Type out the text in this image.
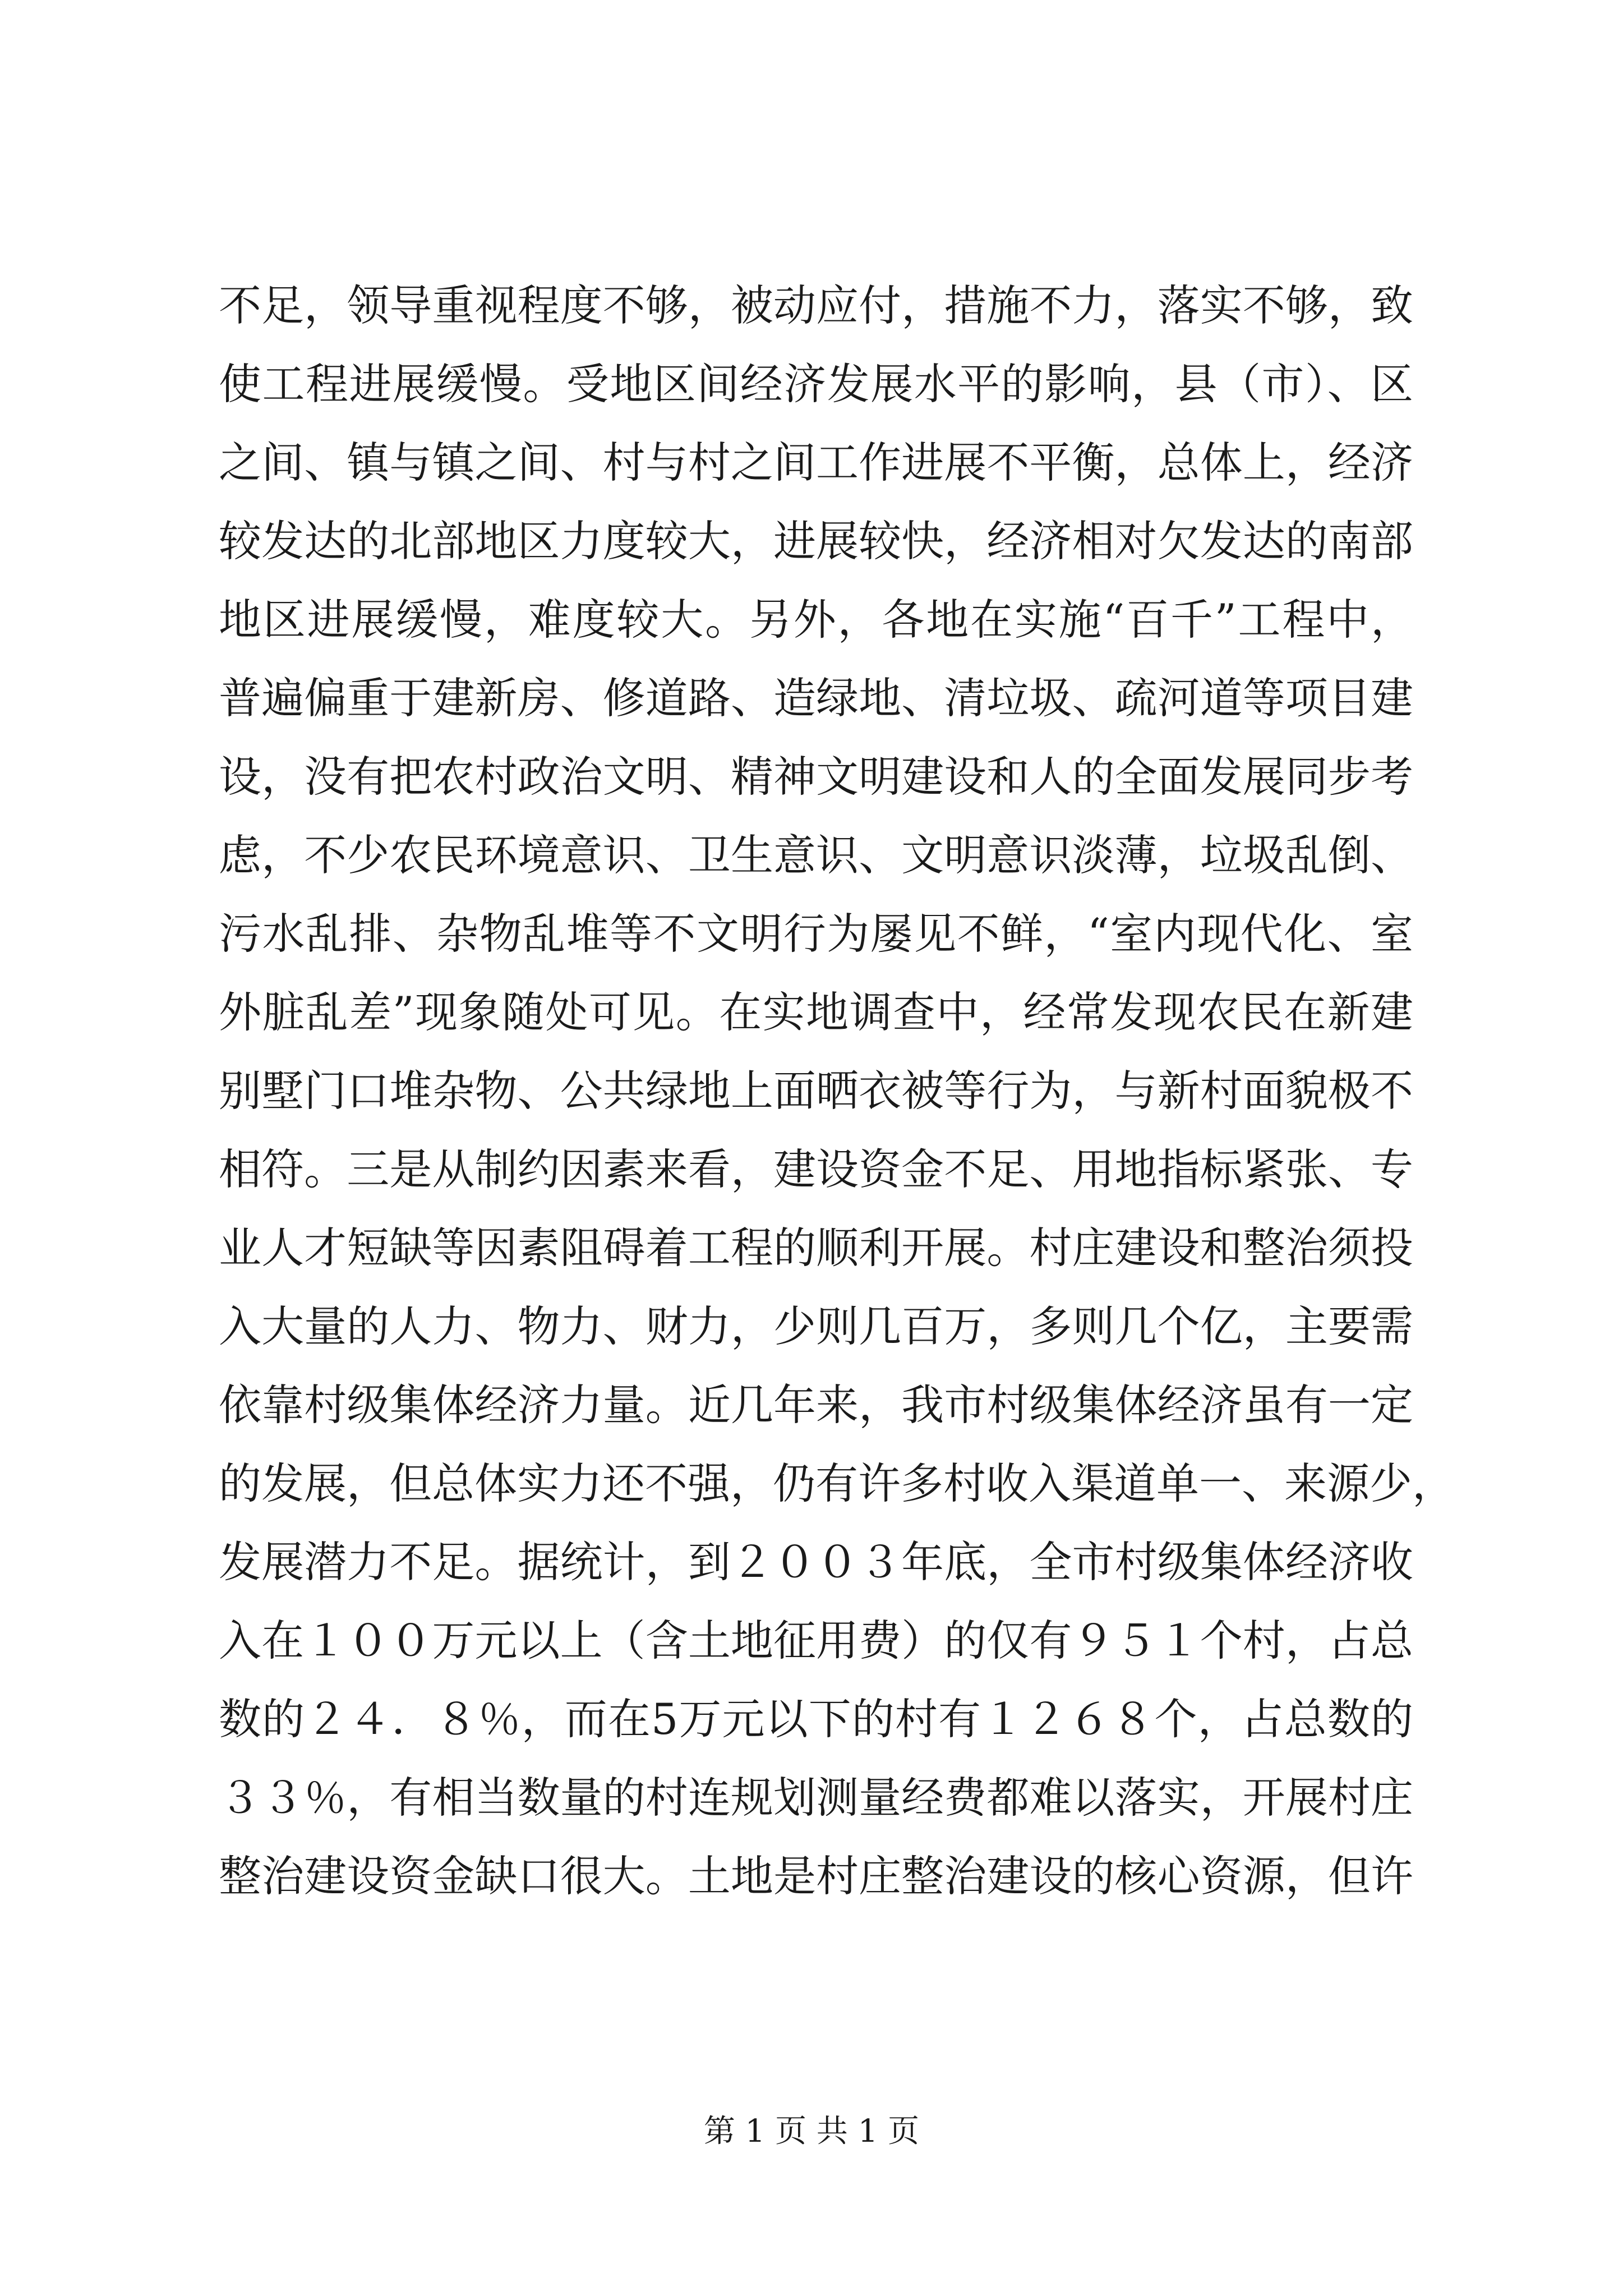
不足，领导重视程度不够，被动应付，措施不力，落实不够，致
使工程进展缓慢。受地区间经济发展水平的影响，县（市）、区
之间、镇与镇之间、村与村之间工作进展不平衡，总体上，经济
较发达的北部地区力度较大，进展较快，经济相对欠发达的南部
地区进展缓慢，难度较大。另外，各地在实施“百千”工程中，
普遍偏重于建新房、修道路、造绿地、清垃圾、疏河道等项目建
设，没有把农村政治文明、精神文明建设和人的全面发展同步考
虑，不少农民环境意识、卫生意识、文明意识淡薄，垃圾乱倒、
污水乱排、杂物乱堆等不文明行为屡见不鲜，“室内现代化、室
外脏乱差”现象随处可见。在实地调查中，经常发现农民在新建
别墅门口堆杂物、公共绿地上面晒衣被等行为，与新村面貌极不
相符。三是从制约因素来看，建设资金不足、用地指标紧张、专
业人才短缺等因素阻碍着工程的顺利开展。村庄建设和整治须投
入大量的人力、物力、财力，少则几百万，多则几个亿，主要需
依靠村级集体经济力量。近几年来，我市村级集体经济虽有一定
的发展，但总体实力还不强，仍有许多村收入渠道单一、来源少，
发展潜力不足。据统计，到２００３年底，全市村级集体经济收
入在１００万元以上（含土地征用费）的仅有９５１个村，占总
数的２４．８％，而在5万元以下的村有１２６８个，占总数的
３３％，有相当数量的村连规划测量经费都难以落实，开展村庄
整治建设资金缺口很大。土地是村庄整治建设的核心资源，但许
第 1 页 共 1 页
